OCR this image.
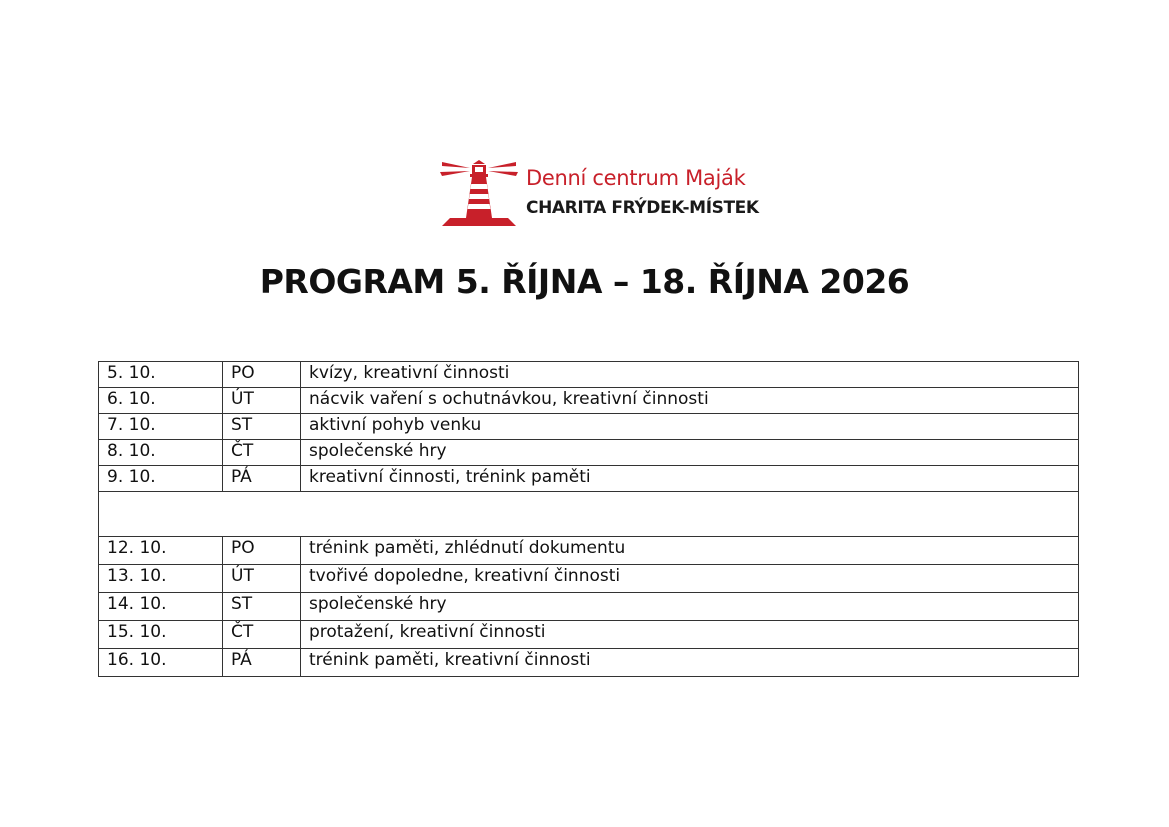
Denní centrum Maják
CHARITA FRÝDEK-MÍSTEK
PROGRAM 5. ŘÍJNA – 18. ŘÍJNA 2026
5. 10.	PO	kvízy, kreativní činnosti
6. 10.	ÚT	nácvik vaření s ochutnávkou, kreativní činnosti
7. 10.	ST	aktivní pohyb venku
8. 10.	ČT	společenské hry
9. 10.	PÁ	kreativní činnosti, trénink paměti

12. 10.	PO	trénink paměti, zhlédnutí dokumentu
13. 10.	ÚT	tvořivé dopoledne, kreativní činnosti
14. 10.	ST	společenské hry
15. 10.	ČT	protažení, kreativní činnosti
16. 10.	PÁ	trénink paměti, kreativní činnosti
